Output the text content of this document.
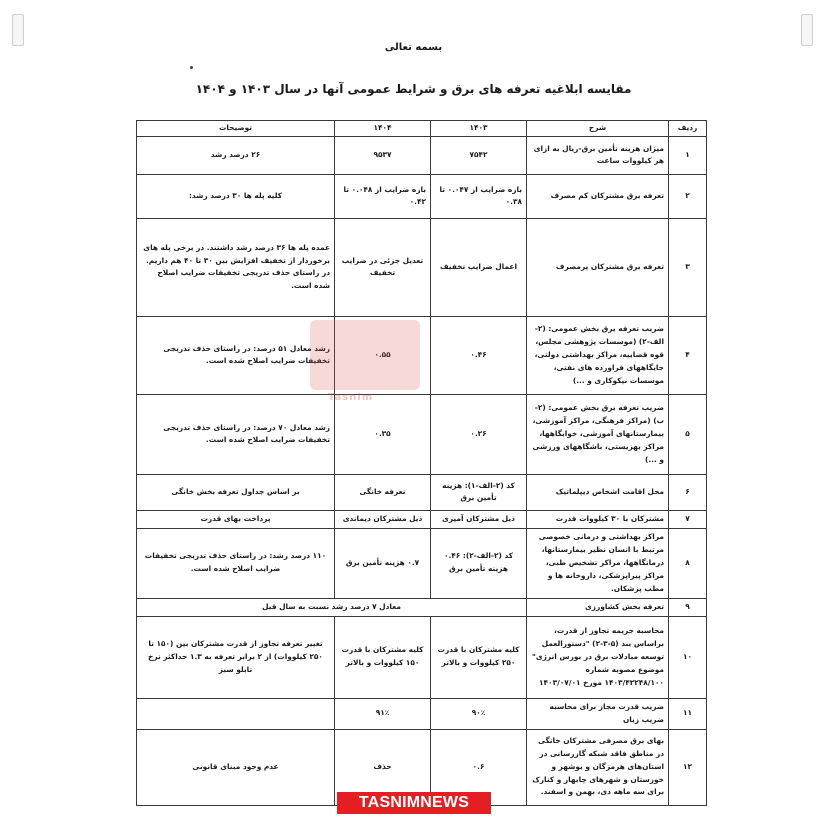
بسمه تعالی
مقایسه ابلاغیه تعرفه های برق و شرایط عمومی آنها در سال ۱۴۰۳ و ۱۴۰۴
ردیف	شرح	۱۴۰۳	۱۴۰۴	توضیحات
۱	میزان هزینه تأمین برق-ریال به ازای هر کیلووات ساعت	۷۵۴۲	۹۵۳۷	۲۶ درصد رشد
۲	تعرفه برق مشترکان کم مصرف	بازه ضرایب از ۰.۰۴۷ تا ۰.۳۸	بازه ضرایب از ۰.۰۴۸ تا ۰.۴۲	کلیه پله ها ۳۰ درصد رشد:
۳	تعرفه برق مشترکان پرمصرف	اعمال ضرایب تخفیف	تعدیل جزئی در ضرایب تخفیف	عمده پله ها ۳۶ درصد رشد داشتند. در برخی پله های برخوردار از تخفیف افزایش بین ۳۰ تا ۴۰ هم داریم. در راستای حذف تدریجی تخفیفات ضرایب اصلاح شده است.
۴	ضریب تعرفه برق بخش عمومی: (۲-الف-۲) (موسسات پژوهشی مجلس، قوه قضاییه، مراکز بهداشتی دولتی، جایگاههای فراورده های نفتی، موسسات نیکوکاری و ...)	۰.۴۶	۰.۵۵	رشد معادل ۵۱ درصد: در راستای حذف تدریجی تخفیفات ضرایب اصلاح شده است.
۵	ضریب تعرفه برق بخش عمومی: (۲-ب) (مراکز فرهنگی، مراکز آموزشی، بیمارستانهای آموزشی، خوابگاهها، مراکز بهزیستی، باشگاههای ورزشی و ...)	۰.۲۶	۰.۳۵	رشد معادل ۷۰ درصد: در راستای حذف تدریجی تخفیفات ضرایب اصلاح شده است.
۶	محل اقامت اشخاص دیپلماتیک	کد (۲-الف-۱): هزینه تأمین برق	تعرفه خانگی	بر اساس جداول تعرفه بخش خانگی
۷	مشترکان با ۳۰ کیلووات قدرت	ذیل مشترکان آمپری	ذیل مشترکان دیماندی	پرداخت بهای قدرت
۸	مراکز بهداشتی و درمانی خصوصی مرتبط با انسان نظیر بیمارستانها، درمانگاهها، مراکز تشخیص طبی، مراکز پیراپزشکی، داروخانه ها و مطب پزشکان.	کد (۲-الف-۲): ۰.۴۶ هزینه تأمین برق	۰.۷ هزینه تأمین برق	۱۱۰ درصد رشد: در راستای حذف تدریجی تخفیفات ضرایب اصلاح شده است.
۹	تعرفه بخش کشاورزی	معادل ۷ درصد رشد نسبت به سال قبل		
۱۰	محاسبه جریمه تجاوز از قدرت، براساس بند (۵-۳-۲) "دستورالعمل توسعه مبادلات برق در بورس انرژی" موضوع مصوبه شماره ۱۴۰۳/۴۲۲۴۸/۱۰۰ مورخ ۱۴۰۳/۰۷/۰۱	کلیه مشترکان با قدرت ۲۵۰ کیلووات و بالاتر	کلیه مشترکان با قدرت ۱۵۰ کیلووات و بالاتر	تغییر تعرفه تجاوز از قدرت مشترکان بین (۱۵۰ تا ۲۵۰ کیلووات) از ۲ برابر تعرفه به ۱.۳ حداکثر نرخ تابلو سبز
۱۱	ضریب قدرت مجاز برای محاسبه ضریب زیان	۹۰٪	۹۱٪	
۱۲	بهای برق مصرفی مشترکان خانگی در مناطق فاقد شبکه گازرسانی در استان‌های هرمزگان و بوشهر و خوزستان و شهرهای چابهار و کنارک برای سه ماهه دی، بهمن و اسفند.	۰.۶	حذف	عدم وجود مبنای قانونی
Tasnim
TASNIMNEWS
